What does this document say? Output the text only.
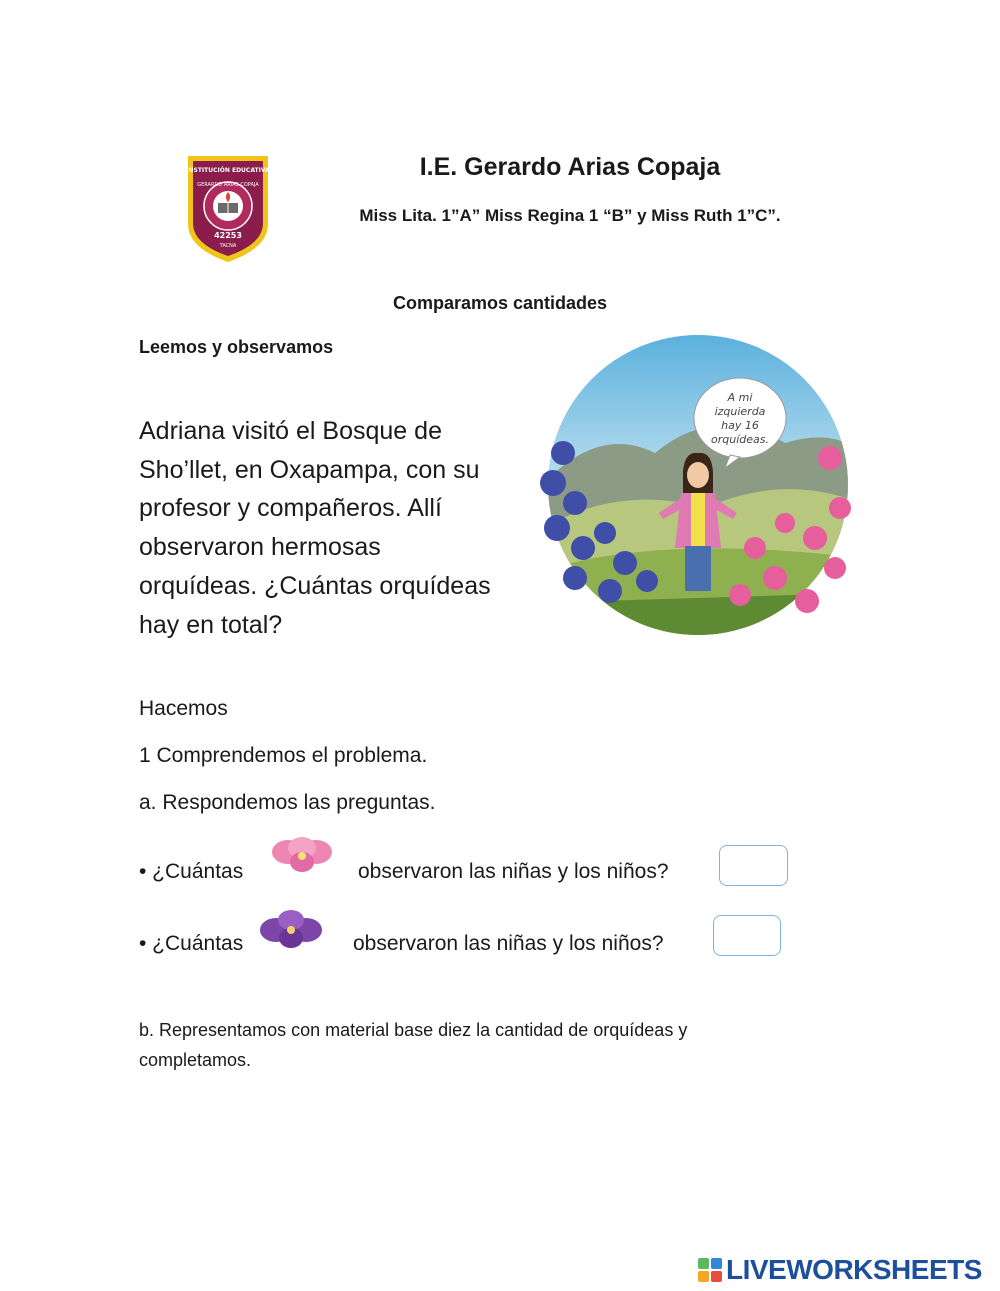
INSTITUCIÓN EDUCATIVA
GERARDO ARIAS COPAJA
42253
TACNA
I.E. Gerardo Arias Copaja
Miss Lita. 1”A” Miss Regina 1 “B” y Miss Ruth 1”C”.
Comparamos cantidades
Leemos y observamos
Adriana visitó el Bosque de
Sho’llet, en Oxapampa, con su
profesor y compañeros. Allí
observaron hermosas
orquídeas. ¿Cuántas orquídeas
hay en total?
A mi
izquierda
hay 16
orquídeas.
Hacemos
1 Comprendemos el problema.
a. Respondemos las preguntas.
• ¿Cuántas	observaron las niñas y los niños?
• ¿Cuántas	observaron las niñas y los niños?
b. Representamos con material base diez la cantidad de orquídeas y completamos.
LIVEWORKSHEETS
